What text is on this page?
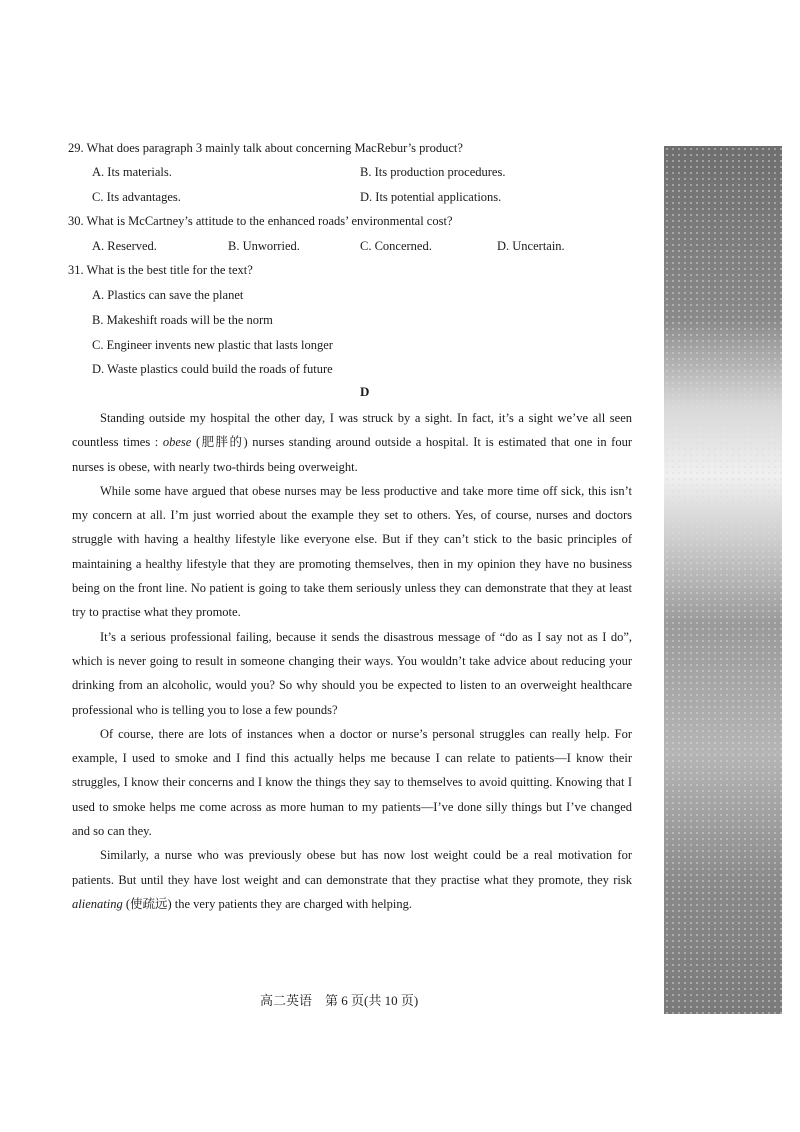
29. What does paragraph 3 mainly talk about concerning MacRebur’s product?
A. Its materials.	B. Its production procedures.
C. Its advantages.	D. Its potential applications.
30. What is McCartney’s attitude to the enhanced roads’ environmental cost?
A. Reserved.	B. Unworried.	C. Concerned.	D. Uncertain.
31. What is the best title for the text?
A. Plastics can save the planet
B. Makeshift roads will be the norm
C. Engineer invents new plastic that lasts longer
D. Waste plastics could build the roads of future
D

Standing outside my hospital the other day, I was struck by a sight. In fact, it’s a sight we’ve all seen countless times : obese (肥胖的) nurses standing around outside a hospital. It is estimated that one in four nurses is obese, with nearly two-thirds being overweight.

While some have argued that obese nurses may be less productive and take more time off sick, this isn’t my concern at all. I’m just worried about the example they set to others. Yes, of course, nurses and doctors struggle with having a healthy lifestyle like everyone else. But if they can’t stick to the basic principles of maintaining a healthy lifestyle that they are promoting themselves, then in my opinion they have no business being on the front line. No patient is going to take them seriously unless they can demonstrate that they at least try to practise what they promote.

It’s a serious professional failing, because it sends the disastrous message of “do as I say not as I do”, which is never going to result in someone changing their ways. You wouldn’t take advice about reducing your drinking from an alcoholic, would you? So why should you be expected to listen to an overweight healthcare professional who is telling you to lose a few pounds?

Of course, there are lots of instances when a doctor or nurse’s personal struggles can really help. For example, I used to smoke and I find this actually helps me because I can relate to patients—I know their struggles, I know their concerns and I know the things they say to themselves to avoid quitting. Knowing that I used to smoke helps me come across as more human to my patients—I’ve done silly things but I’ve changed and so can they.

Similarly, a nurse who was previously obese but has now lost weight could be a real motivation for patients. But until they have lost weight and can demonstrate that they practise what they promote, they risk alienating (使疏远) the very patients they are charged with helping.

高二英语　第 6 页(共 10 页)
